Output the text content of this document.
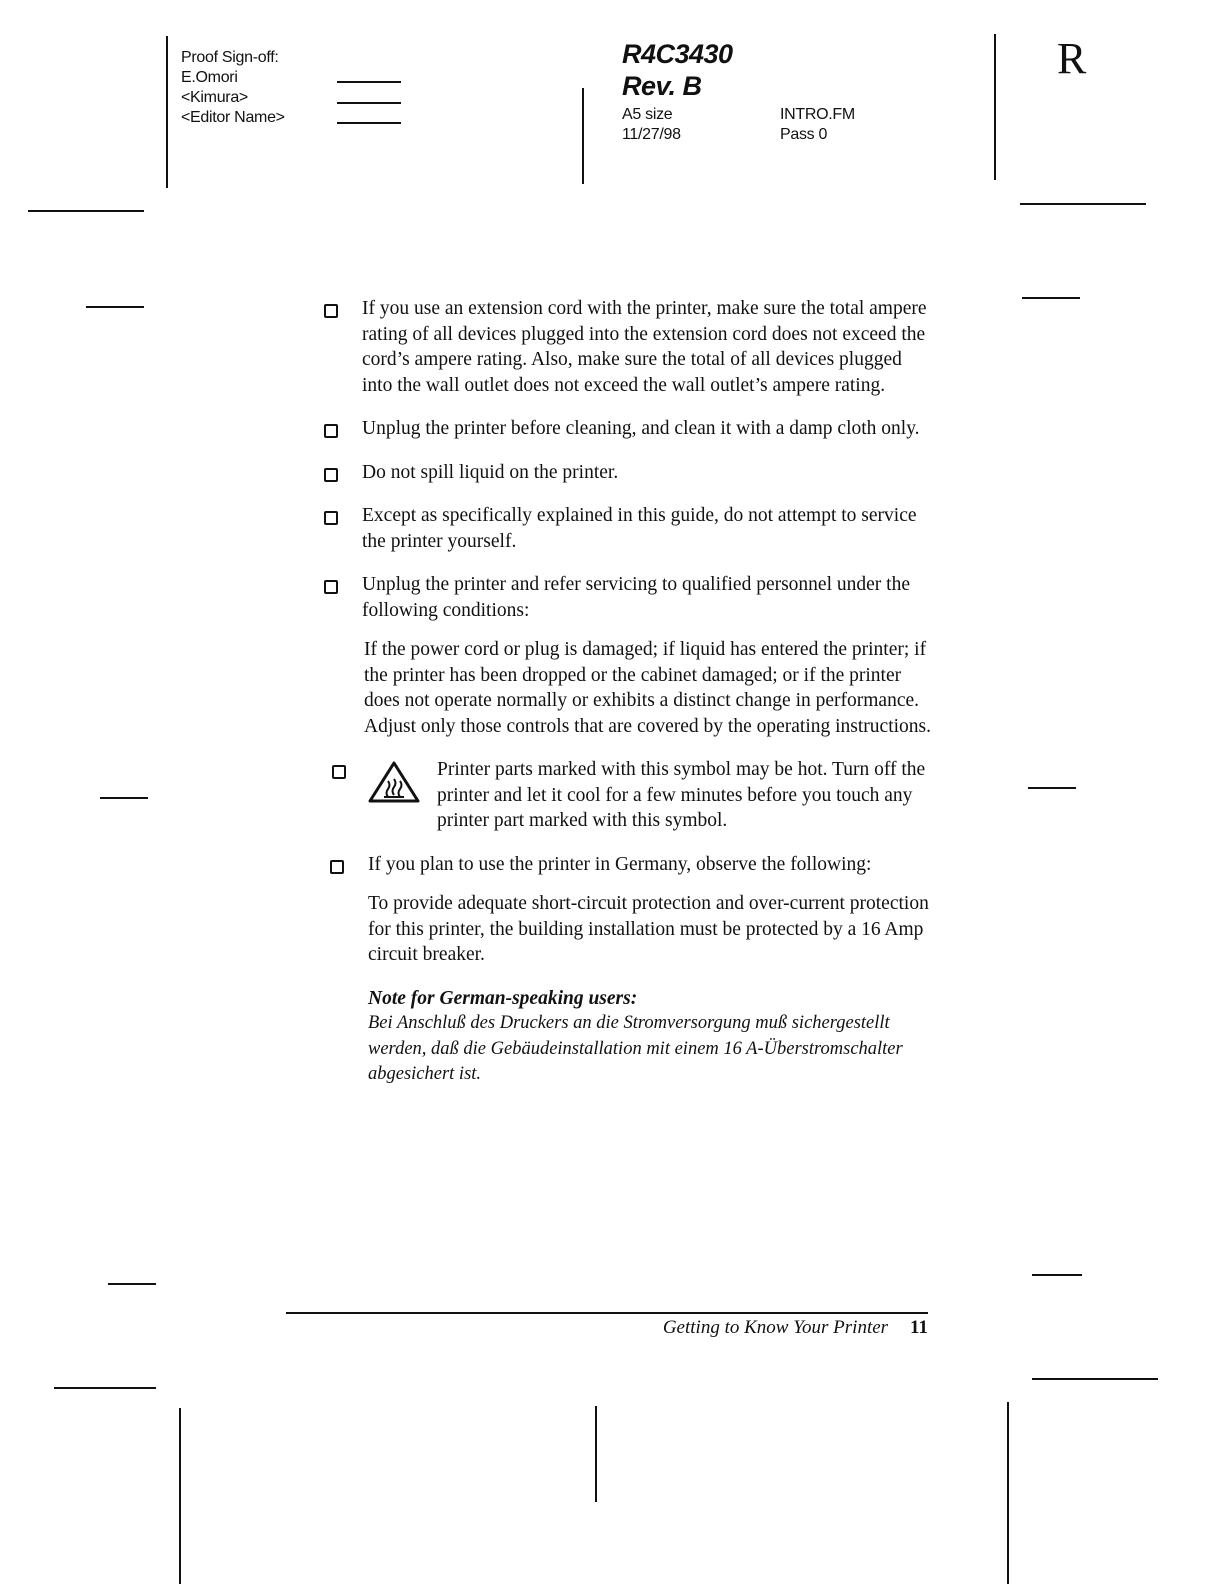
Proof Sign-off:
E.Omori
<Kimura>
<Editor Name>
R4C3430
Rev. B
A5 size
11/27/98
INTRO.FM
Pass 0
R
If you use an extension cord with the printer, make sure the total ampere rating of all devices plugged into the extension cord does not exceed the cord’s ampere rating. Also, make sure the total of all devices plugged into the wall outlet does not exceed the wall outlet’s ampere rating.
Unplug the printer before cleaning, and clean it with a damp cloth only.
Do not spill liquid on the printer.
Except as specifically explained in this guide, do not attempt to service the printer yourself.
Unplug the printer and refer servicing to qualified personnel under the following conditions:
If the power cord or plug is damaged; if liquid has entered the printer; if the printer has been dropped or the cabinet damaged; or if the printer does not operate normally or exhibits a distinct change in performance. Adjust only those controls that are covered by the operating instructions.
Printer parts marked with this symbol may be hot. Turn off the printer and let it cool for a few minutes before you touch any printer part marked with this symbol.
If you plan to use the printer in Germany, observe the following:
To provide adequate short-circuit protection and over-current protection for this printer, the building installation must be protected by a 16 Amp circuit breaker.
Note for German-speaking users:
Bei Anschluß des Druckers an die Stromversorgung muß sichergestellt werden, daß die Gebäudeinstallation mit einem 16 A-Überstromschalter abgesichert ist.
Getting to Know Your Printer 11
